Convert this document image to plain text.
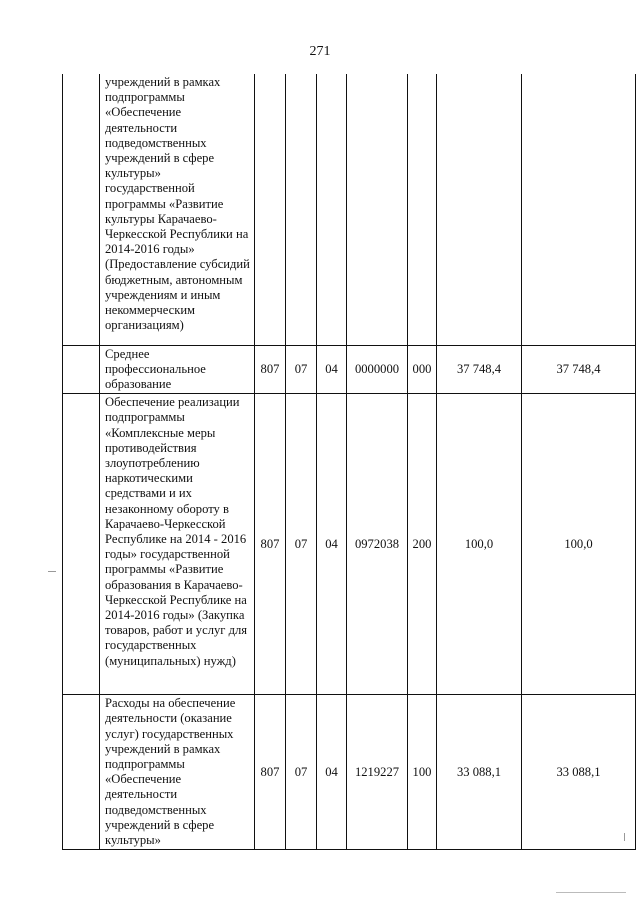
271
	учреждений в рамках подпрограммы «Обеспечение деятельности подведомственных учреждений в сфере культуры» государственной программы «Развитие культуры Карачаево-Черкесской Республики на 2014-2016 годы» (Предоставление субсидий бюджетным, автономным учреждениям и иным некоммерческим организациям)							
	Среднее профессиональное образование	807	07	04	0000000	000	37 748,4	37 748,4
	Обеспечение реализации подпрограммы «Комплексные меры противодействия злоупотреблению наркотическими средствами и их незаконному обороту в Карачаево-Черкесской Республике на 2014 - 2016 годы» государственной программы «Развитие образования в Карачаево-Черкесской Республике на 2014-2016 годы» (Закупка товаров, работ и услуг для государственных (муниципальных) нужд)	807	07	04	0972038	200	100,0	100,0
	Расходы на обеспечение деятельности (оказание услуг) государственных учреждений в рамках подпрограммы «Обеспечение деятельности подведомственных учреждений в сфере культуры»	807	07	04	1219227	100	33 088,1	33 088,1
